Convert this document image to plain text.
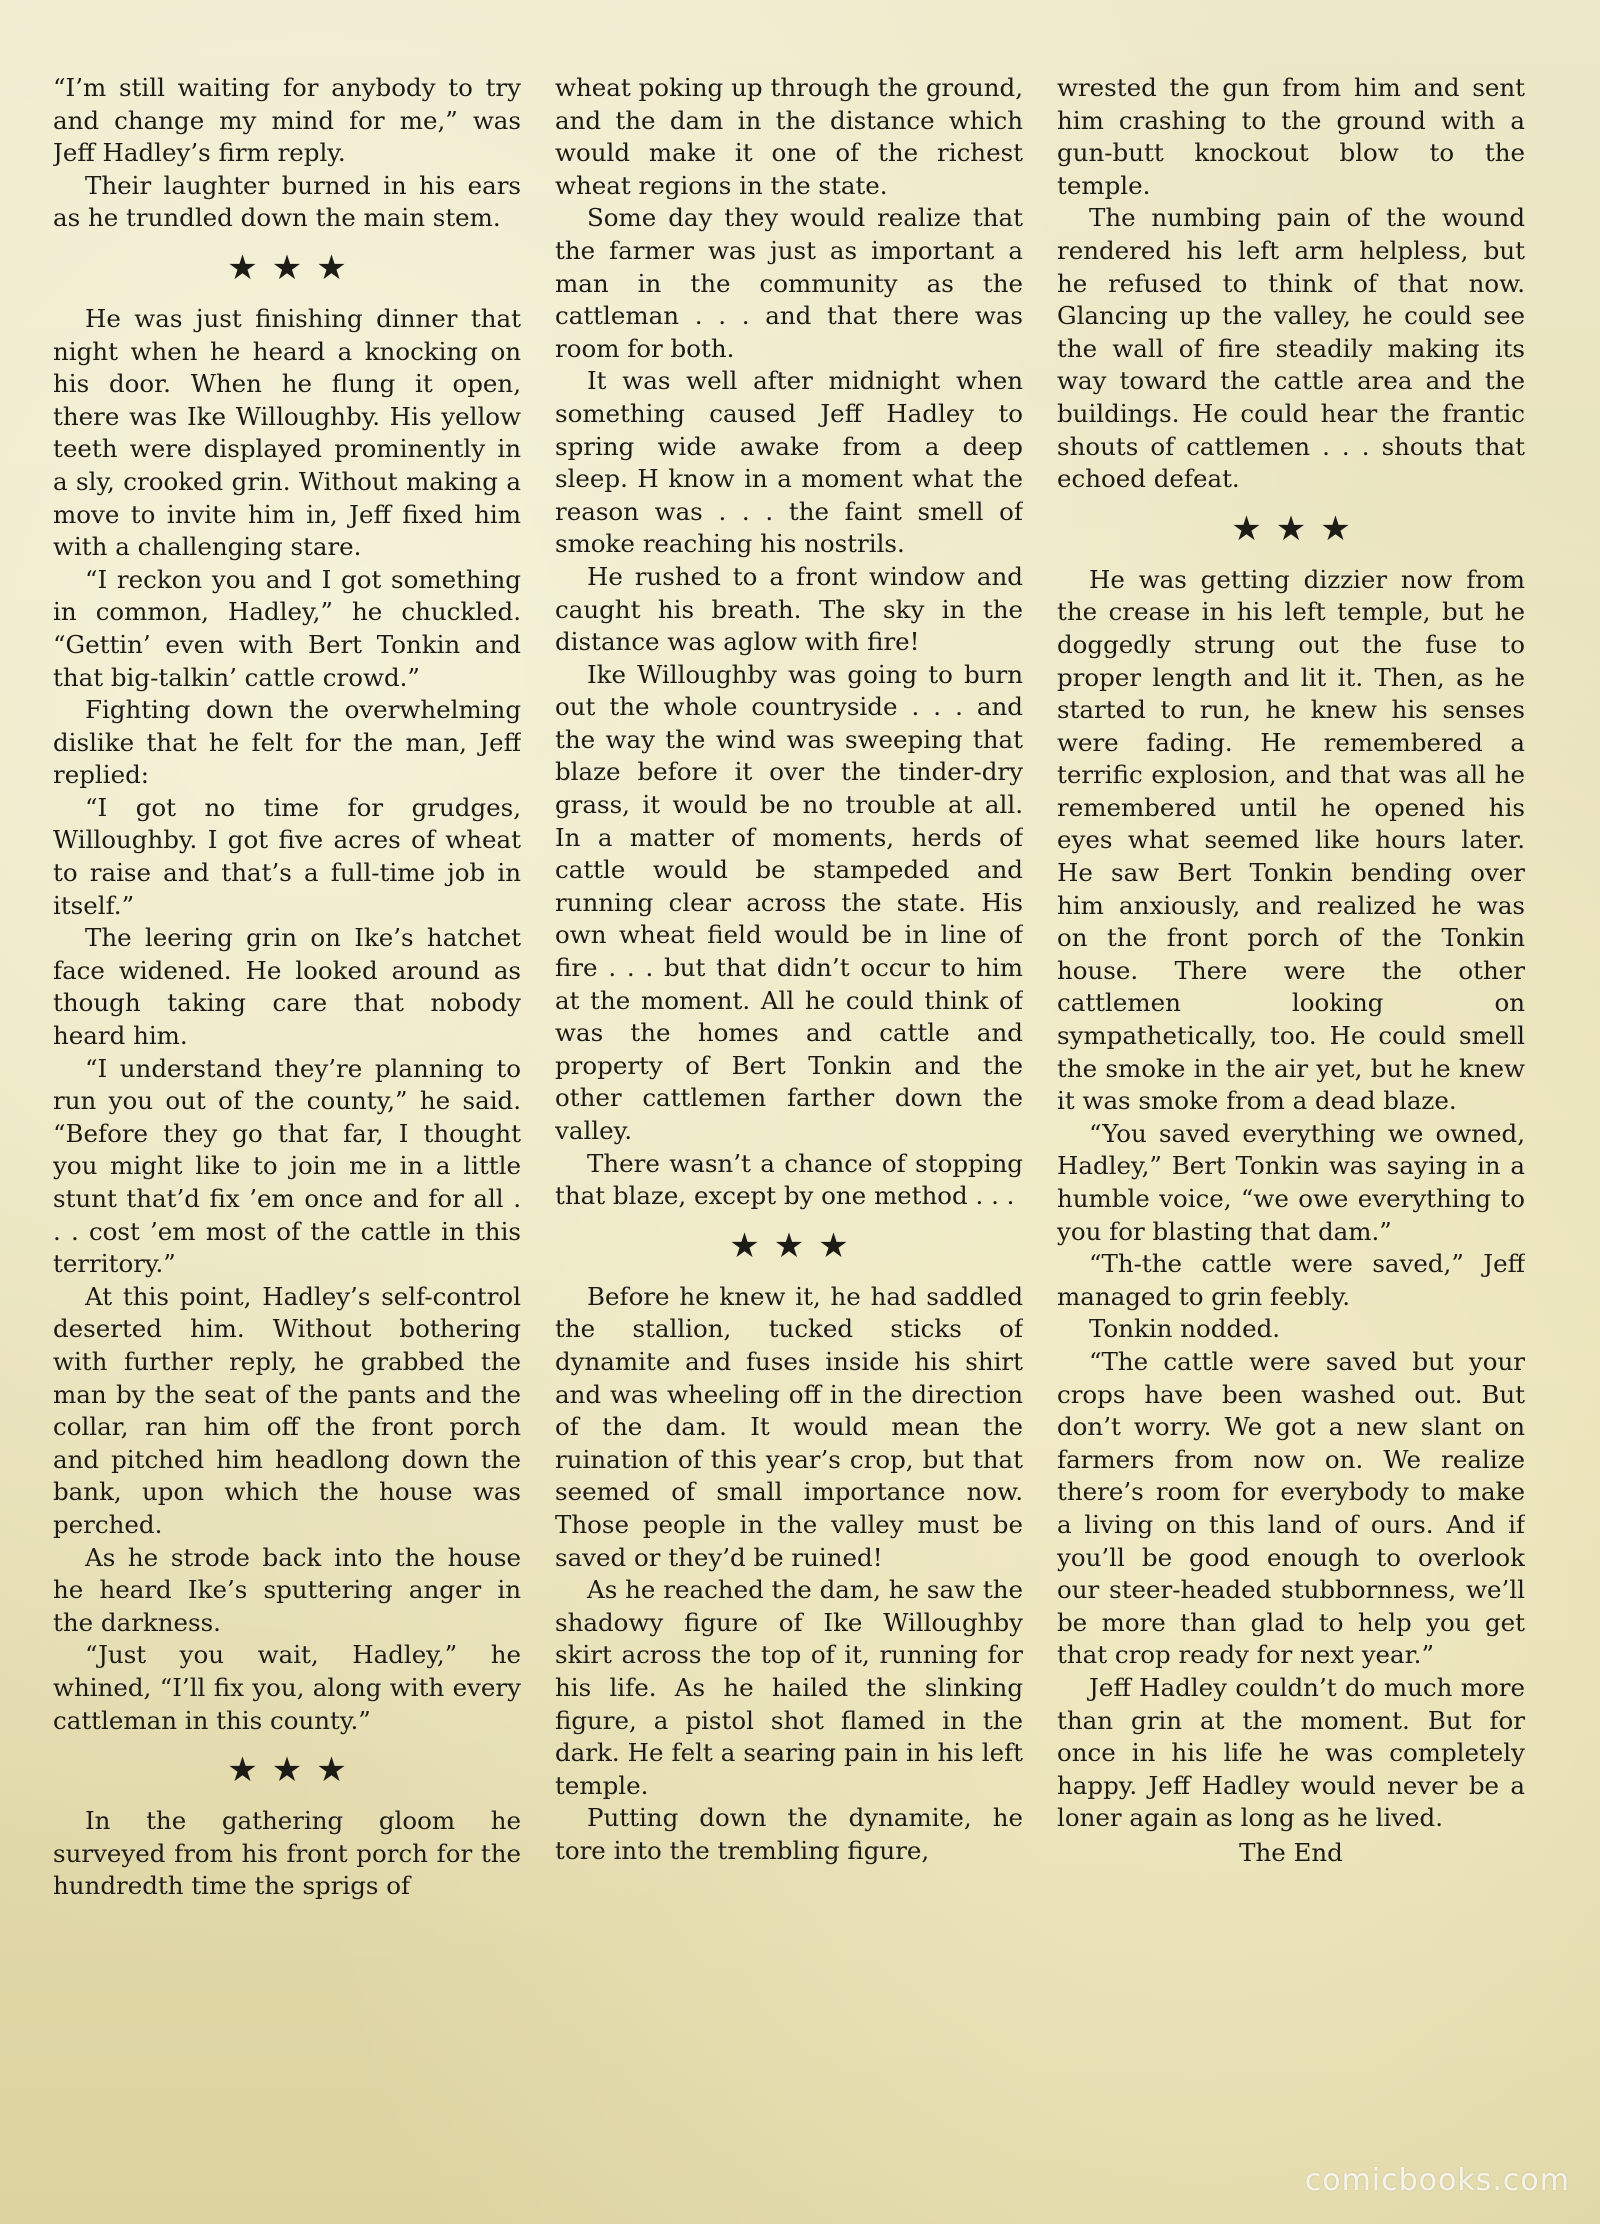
“I’m still waiting for anybody to try and change my mind for me,” was Jeff Hadley’s firm reply.

Their laughter burned in his ears as he trundled down the main stem.

★★★

He was just finishing dinner that night when he heard a knocking on his door. When he flung it open, there was Ike Willoughby. His yellow teeth were displayed prominently in a sly, crooked grin. Without making a move to invite him in, Jeff fixed him with a challenging stare.

“I reckon you and I got something in common, Hadley,” he chuckled. “Gettin’ even with Bert Tonkin and that big-talkin’ cattle crowd.”

Fighting down the overwhelming dislike that he felt for the man, Jeff replied:

“I got no time for grudges, Willoughby. I got five acres of wheat to raise and that’s a full-time job in itself.”

The leering grin on Ike’s hatchet face widened. He looked around as though taking care that nobody heard him.

“I understand they’re planning to run you out of the county,” he said. “Before they go that far, I thought you might like to join me in a little stunt that’d fix ’em once and for all . . . cost ’em most of the cattle in this territory.”

At this point, Hadley’s self-control deserted him. Without bothering with further reply, he grabbed the man by the seat of the pants and the collar, ran him off the front porch and pitched him headlong down the bank, upon which the house was perched.

As he strode back into the house he heard Ike’s sputtering anger in the darkness.

“Just you wait, Hadley,” he whined, “I’ll fix you, along with every cattleman in this county.”

★★★

In the gathering gloom he surveyed from his front porch for the hundredth time the sprigs of

wheat poking up through the ground, and the dam in the distance which would make it one of the richest wheat regions in the state.

Some day they would realize that the farmer was just as important a man in the community as the cattleman . . . and that there was room for both.

It was well after midnight when something caused Jeff Hadley to spring wide awake from a deep sleep. H know in a moment what the reason was . . . the faint smell of smoke reaching his nostrils.

He rushed to a front window and caught his breath. The sky in the distance was aglow with fire!

Ike Willoughby was going to burn out the whole countryside . . . and the way the wind was sweeping that blaze before it over the tinder-dry grass, it would be no trouble at all. In a matter of moments, herds of cattle would be stampeded and running clear across the state. His own wheat field would be in line of fire . . . but that didn’t occur to him at the moment. All he could think of was the homes and cattle and property of Bert Tonkin and the other cattlemen farther down the valley.

There wasn’t a chance of stopping that blaze, except by one method . . .

★★★

Before he knew it, he had saddled the stallion, tucked sticks of dynamite and fuses inside his shirt and was wheeling off in the direction of the dam. It would mean the ruination of this year’s crop, but that seemed of small importance now. Those people in the valley must be saved or they’d be ruined!

As he reached the dam, he saw the shadowy figure of Ike Willoughby skirt across the top of it, running for his life. As he hailed the slinking figure, a pistol shot flamed in the dark. He felt a searing pain in his left temple.

Putting down the dynamite, he tore into the trembling figure,

wrested the gun from him and sent him crashing to the ground with a gun-butt knockout blow to the temple.

The numbing pain of the wound rendered his left arm helpless, but he refused to think of that now. Glancing up the valley, he could see the wall of fire steadily making its way toward the cattle area and the buildings. He could hear the frantic shouts of cattlemen . . . shouts that echoed defeat.

★★★

He was getting dizzier now from the crease in his left temple, but he doggedly strung out the fuse to proper length and lit it. Then, as he started to run, he knew his senses were fading. He remembered a terrific explosion, and that was all he remembered until he opened his eyes what seemed like hours later. He saw Bert Tonkin bending over him anxiously, and realized he was on the front porch of the Tonkin house. There were the other cattlemen looking on sympathetically, too. He could smell the smoke in the air yet, but he knew it was smoke from a dead blaze.

“You saved everything we owned, Hadley,” Bert Tonkin was saying in a humble voice, “we owe everything to you for blasting that dam.”

“Th-the cattle were saved,” Jeff managed to grin feebly.

Tonkin nodded.

“The cattle were saved but your crops have been washed out. But don’t worry. We got a new slant on farmers from now on. We realize there’s room for everybody to make a living on this land of ours. And if you’ll be good enough to overlook our steer-headed stubbornness, we’ll be more than glad to help you get that crop ready for next year.”

Jeff Hadley couldn’t do much more than grin at the moment. But for once in his life he was completely happy. Jeff Hadley would never be a loner again as long as he lived.

The End

comicbooks.com
